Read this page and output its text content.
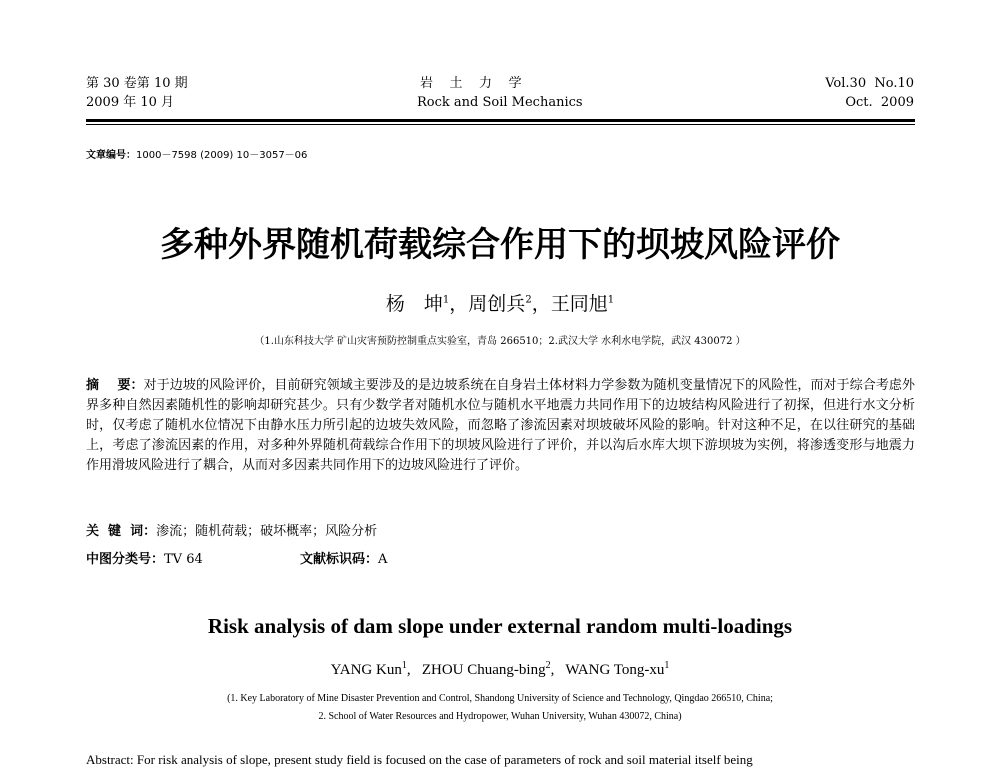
第 30 卷第 10 期
2009 年 10 月
岩    土    力    学
Rock and Soil Mechanics
Vol.30  No.10
Oct.  2009
文章编号：1000－7598 (2009) 10－3057－06
多种外界随机荷载综合作用下的坝坡风险评价
杨　坤$^1$，周创兵$^2$，王同旭$^1$
（1.山东科技大学 矿山灾害预防控制重点实验室，青岛 266510；2.武汉大学 水利水电学院，武汉 430072 ）
摘    要：对于边坡的风险评价，目前研究领域主要涉及的是边坡系统在自身岩土体材料力学参数为随机变量情况下的风险性，而对于综合考虑外界多种自然因素随机性的影响却研究甚少。只有少数学者对随机水位与随机水平地震力共同作用下的边坡结构风险进行了初探，但进行水文分析时，仅考虑了随机水位情况下由静水压力所引起的边坡失效风险，而忽略了渗流因素对坝坡破坏风险的影响。针对这种不足，在以往研究的基础上，考虑了渗流因素的作用，对多种外界随机荷载综合作用下的坝坡风险进行了评价，并以沟后水库大坝下游坝坡为实例，将渗透变形与地震力作用滑坡风险进行了耦合，从而对多因素共同作用下的边坡风险进行了评价。
关  键  词：渗流；随机荷载；破坏概率；风险分析
中图分类号：TV 64	文献标识码：A
Risk analysis of dam slope under external random multi-loadings
YANG Kun$^1$,   ZHOU Chuang-bing$^2$,   WANG Tong-$xu^1$
(1. Key Laboratory of Mine Disaster Prevention and Control, Shandong University of Science and Technology, Qingdao 266510, China;
2. School of Water Resources and Hydropower, Wuhan University, Wuhan 430072, China)
Abstract: For risk analysis of slope, present study field is focused on the case of parameters of rock and soil material itself being
